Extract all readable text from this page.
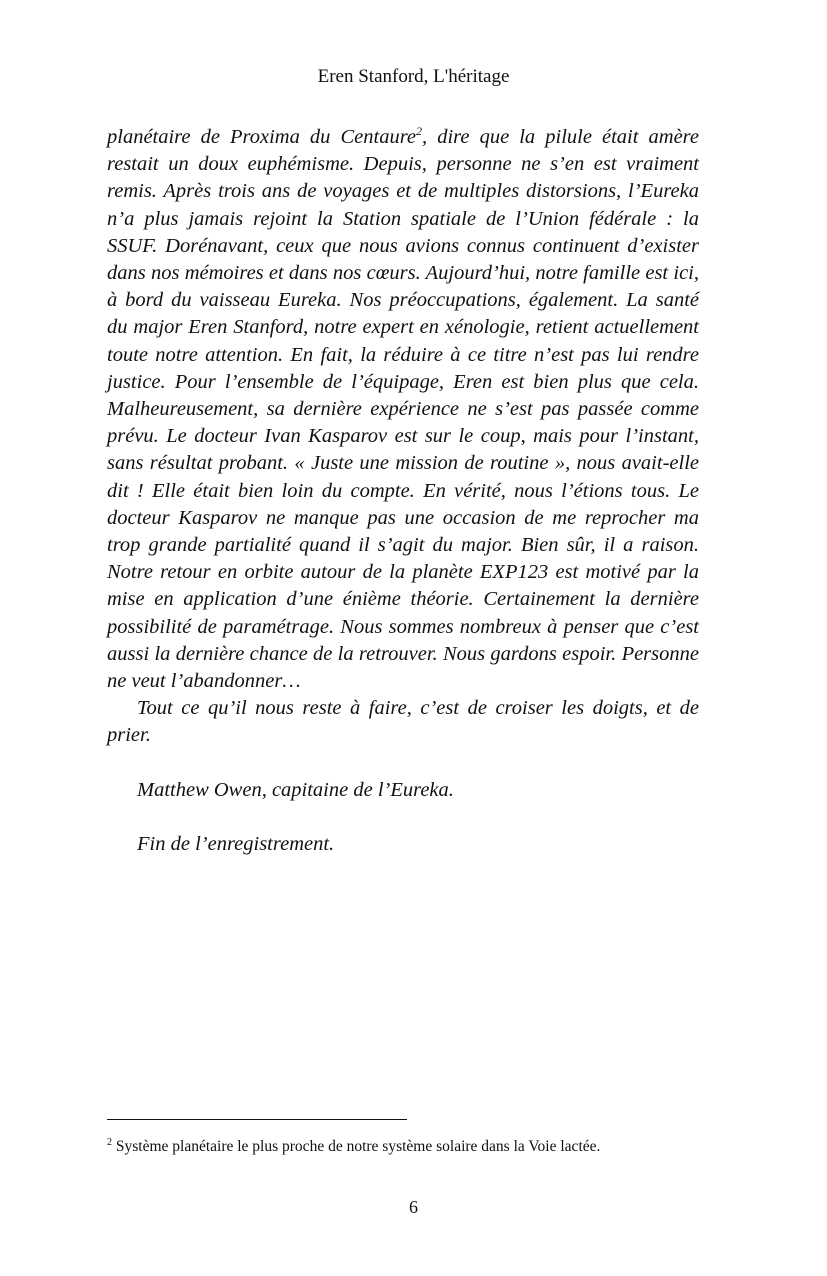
Eren Stanford, L'héritage

planétaire de Proxima du Centaure$^2$, dire que la pilule était amère restait un doux euphémisme. Depuis, personne ne s’en est vraiment remis. Après trois ans de voyages et de multiples distorsions, l’Eureka n’a plus jamais rejoint la Station spatiale de l’Union fédérale : la SSUF. Dorénavant, ceux que nous avions connus continuent d’exister dans nos mémoires et dans nos cœurs. Aujourd’hui, notre famille est ici, à bord du vaisseau Eureka. Nos préoccupations, également. La santé du major Eren Stanford, notre expert en xénologie, retient actuellement toute notre attention. En fait, la réduire à ce titre n’est pas lui rendre justice. Pour l’ensemble de l’équipage, Eren est bien plus que cela. Malheureusement, sa dernière expérience ne s’est pas passée comme prévu. Le docteur Ivan Kasparov est sur le coup, mais pour l’instant, sans résultat probant. « Juste une mission de routine », nous avait-elle dit ! Elle était bien loin du compte. En vérité, nous l’étions tous. Le docteur Kasparov ne manque pas une occasion de me reprocher ma trop grande partialité quand il s’agit du major. Bien sûr, il a raison. Notre retour en orbite autour de la planète EXP123 est motivé par la mise en application d’une énième théorie. Certainement la dernière possibilité de paramétrage. Nous sommes nombreux à penser que c’est aussi la dernière chance de la retrouver. Nous gardons espoir. Personne ne veut l’abandonner…

Tout ce qu’il nous reste à faire, c’est de croiser les doigts, et de prier.

Matthew Owen, capitaine de l’Eureka.

Fin de l’enregistrement.

$^2$ Système planétaire le plus proche de notre système solaire dans la Voie lactée.
6
